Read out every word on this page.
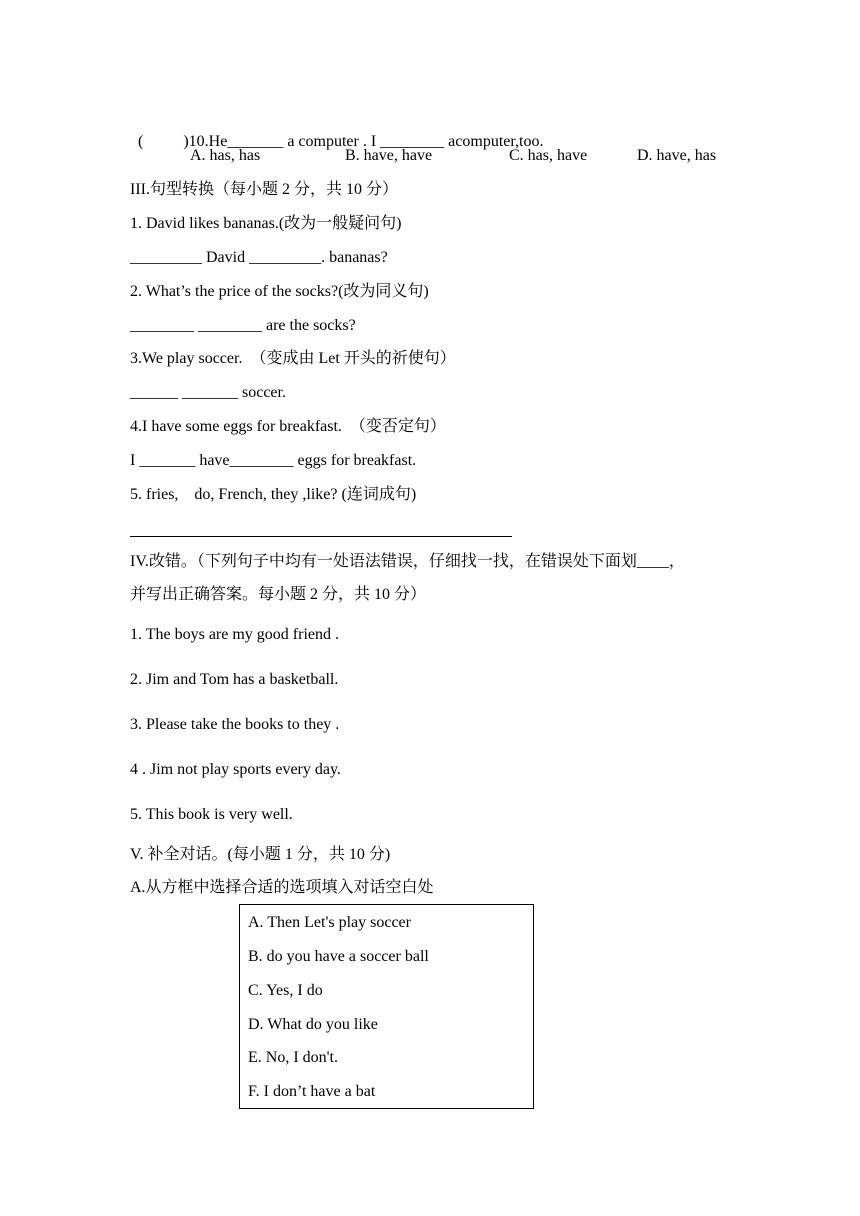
(          )10.He_______ a computer . I ________ acomputer,too.

A. has, has	B. have, have	C. has, have	D. have, has
III.句型转换（每小题 2 分，共 10 分）
1. David likes bananas.(改为一般疑问句)
_________ David _________. bananas?
2. What’s the price of the socks?(改为同义句)
________ ________ are the socks?
3.We play soccer.  （变成由 Let 开头的祈使句）
______ _______ soccer.
4.I have some eggs for breakfast.  （变否定句）
I _______ have________ eggs for breakfast.
5. fries,    do, French, they ,like? (连词成句)
IV.改错。（下列句子中均有一处语法错误，仔细找一找，在错误处下面划____，
并写出正确答案。每小题 2 分，共 10 分）
1. The boys are my good friend .
2. Jim and Tom has a basketball.
3. Please take the books to they .
4 . Jim not play sports every day.
5. This book is very well.
V. 补全对话。(每小题 1 分，共 10 分)
A.从方框中选择合适的选项填入对话空白处
A. Then Let's play soccer
B. do you have a soccer ball
C. Yes, I do
D. What do you like
E. No, I don't.
F. I don’t have a bat
